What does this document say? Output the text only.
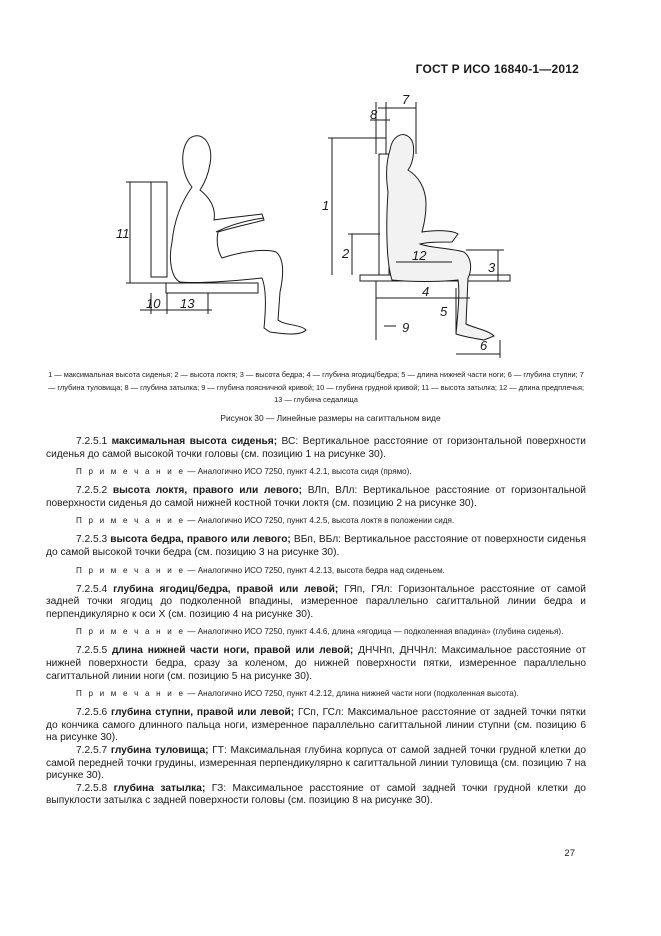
ГОСТ Р ИСО 16840-1—2012
11
10 13
1
7
8
2	12
3
4
5
9
6
1 — максимальная высота сиденья; 2 — высота локтя; 3 — высота бедра; 4 — глубина ягодиц/бедра; 5 — длина нижней части ноги; 6 — глубина ступни; 7 — глубина туловища; 8 — глубина затылка; 9 — глубина поясничной кривой; 10 — глубина грудной кривой; 11 — высота затылка; 12 — длина предплечья; 13 — глубина седалища
Рисунок 30 — Линейные размеры на сагиттальном виде

7.2.5.1 максимальная высота сиденья; ВС: Вертикальное расстояние от горизонтальной поверхности сиденья до самой высокой точки головы (см. позицию 1 на рисунке 30).

П р и м е ч а н и е — Аналогично ИСО 7250, пункт 4.2.1, высота сидя (прямо).

7.2.5.2 высота локтя, правого или левого; ВЛп, ВЛл: Вертикальное расстояние от горизонтальной поверхности сиденья до самой нижней костной точки локтя (см. позицию 2 на рисунке 30).

П р и м е ч а н и е — Аналогично ИСО 7250, пункт 4.2.5, высота локтя в положении сидя.

7.2.5.3 высота бедра, правого или левого; ВБп, ВБл: Вертикальное расстояние от поверхности сиденья до самой высокой точки бедра (см. позицию 3 на рисунке 30).

П р и м е ч а н и е — Аналогично ИСО 7250, пункт 4.2.13, высота бедра над сиденьем.

7.2.5.4 глубина ягодиц/бедра, правой или левой; ГЯп, ГЯл: Горизонтальное расстояние от самой задней точки ягодиц до подколенной впадины, измеренное параллельно сагиттальной линии бедра и перпендикулярно к оси X (см. позицию 4 на рисунке 30).

П р и м е ч а н и е — Аналогично ИСО 7250, пункт 4.4.6, длина «ягодица — подколенная впадина» (глубина сиденья).

7.2.5.5 длина нижней части ноги, правой или левой; ДНЧНп, ДНЧНл: Максимальное расстояние от нижней поверхности бедра, сразу за коленом, до нижней поверхности пятки, измеренное параллельно сагиттальной линии ноги (см. позицию 5 на рисунке 30).

П р и м е ч а н и е — Аналогично ИСО 7250, пункт 4.2.12, длина нижней части ноги (подколенная высота).

7.2.5.6 глубина ступни, правой или левой; ГСп, ГСл: Максимальное расстояние от задней точки пятки до кончика самого длинного пальца ноги, измеренное параллельно сагиттальной линии ступни (см. позицию 6 на рисунке 30).

7.2.5.7 глубина туловища; ГТ: Максимальная глубина корпуса от самой задней точки грудной клетки до самой передней точки грудины, измеренная перпендикулярно к сагиттальной линии туловища (см. позицию 7 на рисунке 30).

7.2.5.8 глубина затылка; ГЗ: Максимальное расстояние от самой задней точки грудной клетки до выпуклости затылка с задней поверхности головы (см. позицию 8 на рисунке 30).

27
